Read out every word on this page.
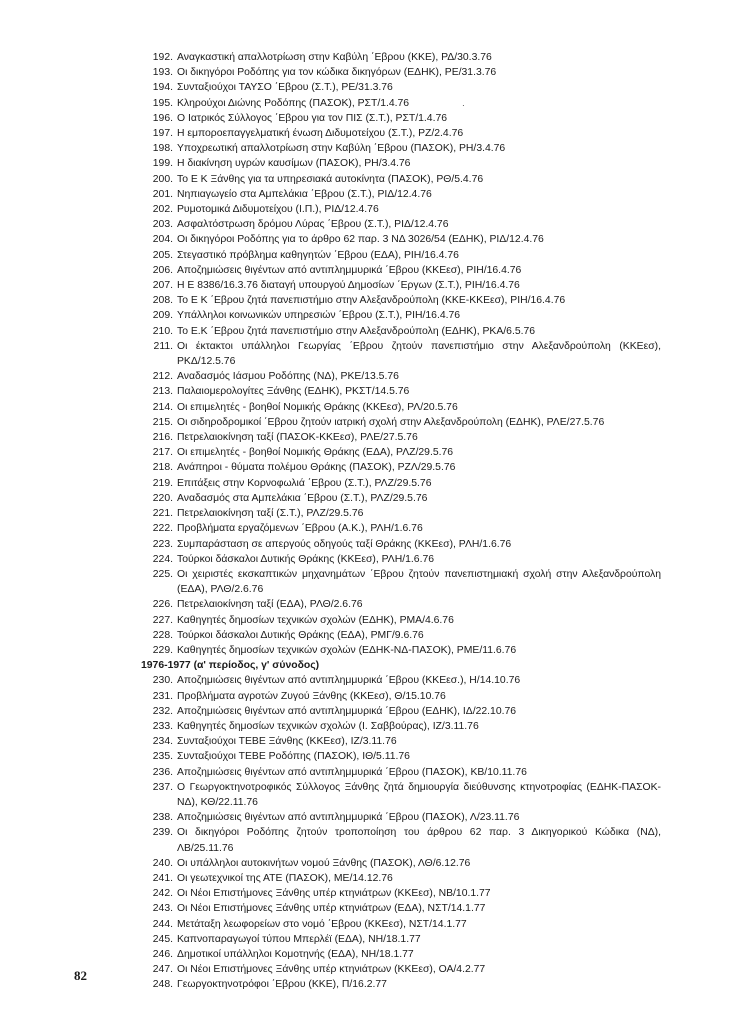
192. Αναγκαστική απαλλοτρίωση στην Καβύλη ΄Εβρου (ΚΚΕ), ΡΔ/30.3.76
193. Οι δικηγόροι Ροδόπης για τον κώδικα δικηγόρων (ΕΔΗΚ), ΡΕ/31.3.76
194. Συνταξιούχοι ΤΑΥΣΟ ΄Εβρου (Σ.Τ.), ΡΕ/31.3.76
195. Κληρούχοι Διώνης Ροδόπης (ΠΑΣΟΚ), ΡΣΤ/1.4.76
196. Ο Ιατρικός Σύλλογος ΄Εβρου για τον ΠΙΣ (Σ.Τ.), ΡΣΤ/1.4.76
197. Η εμποροεπαγγελματική ένωση Διδυμοτείχου (Σ.Τ.), ΡΖ/2.4.76
198. Υποχρεωτική απαλλοτρίωση στην Καβύλη ΄Εβρου (ΠΑΣΟΚ), ΡΗ/3.4.76
199. Η διακίνηση υγρών καυσίμων (ΠΑΣΟΚ), ΡΗ/3.4.76
200. Το Ε Κ Ξάνθης για τα υπηρεσιακά αυτοκίνητα (ΠΑΣΟΚ), ΡΘ/5.4.76
201. Νηπιαγωγείο στα Αμπελάκια ΄Εβρου (Σ.Τ.), ΡΙΔ/12.4.76
202. Ρυμοτομικά Διδυμοτείχου (Ι.Π.), ΡΙΔ/12.4.76
203. Ασφαλτόστρωση δρόμου Λύρας ΄Εβρου (Σ.Τ.), ΡΙΔ/12.4.76
204. Οι δικηγόροι Ροδόπης για το άρθρο 62 παρ. 3 ΝΔ 3026/54 (ΕΔΗΚ), ΡΙΔ/12.4.76
205. Στεγαστικό πρόβλημα καθηγητών ΄Εβρου (ΕΔΑ), ΡΙΗ/16.4.76
206. Αποζημιώσεις θιγέντων από αντιπλημμυρικά ΄Εβρου (ΚΚΕεσ), ΡΙΗ/16.4.76
207. Η Ε 8386/16.3.76 διαταγή υπουργού Δημοσίων ΄Εργων (Σ.Τ.), ΡΙΗ/16.4.76
208. Το Ε Κ ΄Εβρου ζητά πανεπιστήμιο στην Αλεξανδρούπολη (ΚΚΕ-ΚΚΕεσ), ΡΙΗ/16.4.76
209. Υπάλληλοι κοινωνικών υπηρεσιών ΄Εβρου (Σ.Τ.), ΡΙΗ/16.4.76
210. Το Ε.Κ ΄Εβρου ζητά πανεπιστήμιο στην Αλεξανδρούπολη (ΕΔΗΚ), ΡΚΑ/6.5.76
211. Οι έκτακτοι υπάλληλοι Γεωργίας ΄Εβρου ζητούν πανεπιστήμιο στην Αλεξανδρούπολη (ΚΚΕεσ), ΡΚΔ/12.5.76
212. Αναδασμός Ιάσμου Ροδόπης (ΝΔ), ΡΚΕ/13.5.76
213. Παλαιομερολογίτες Ξάνθης (ΕΔΗΚ), ΡΚΣΤ/14.5.76
214. Οι επιμελητές - βοηθοί Νομικής Θράκης (ΚΚΕεσ), ΡΛ/20.5.76
215. Οι σιδηροδρομικοί ΄Εβρου ζητούν ιατρική σχολή στην Αλεξανδρούπολη (ΕΔΗΚ), ΡΛΕ/27.5.76
216. Πετρελαιοκίνηση ταξί (ΠΑΣΟΚ-ΚΚΕεσ), ΡΛΕ/27.5.76
217. Οι επιμελητές - βοηθοί Νομικής Θράκης (ΕΔΑ), ΡΛΖ/29.5.76
218. Ανάπηροι - θύματα πολέμου Θράκης (ΠΑΣΟΚ), ΡΖΛ/29.5.76
219. Επιτάξεις στην Κορνοφωλιά ΄Εβρου (Σ.Τ.), ΡΛΖ/29.5.76
220. Αναδασμός στα Αμπελάκια ΄Εβρου (Σ.Τ.), ΡΛΖ/29.5.76
221. Πετρελαιοκίνηση ταξί (Σ.Τ.), ΡΛΖ/29.5.76
222. Προβλήματα εργαζόμενων ΄Εβρου (Α.Κ.), ΡΛΗ/1.6.76
223. Συμπαράσταση σε απεργούς οδηγούς ταξί Θράκης (ΚΚΕεσ), ΡΛΗ/1.6.76
224. Τούρκοι δάσκαλοι Δυτικής Θράκης (ΚΚΕεσ), ΡΛΗ/1.6.76
225. Οι χειριστές εκσκαπτικών μηχανημάτων ΄Εβρου ζητούν πανεπιστημιακή σχολή στην Αλεξανδρούπολη (ΕΔΑ), ΡΛΘ/2.6.76
226. Πετρελαιοκίνηση ταξί (ΕΔΑ), ΡΛΘ/2.6.76
227. Καθηγητές δημοσίων τεχνικών σχολών (ΕΔΗΚ), ΡΜΑ/4.6.76
228. Τούρκοι δάσκαλοι Δυτικής Θράκης (ΕΔΑ), ΡΜΓ/9.6.76
229. Καθηγητές δημοσίων τεχνικών σχολών (ΕΔΗΚ-ΝΔ-ΠΑΣΟΚ), ΡΜΕ/11.6.76
1976-1977 (α' περίοδος, γ' σύνοδος)
230. Αποζημιώσεις θιγέντων από αντιπλημμυρικά ΄Εβρου (ΚΚΕεσ.), Η/14.10.76
231. Προβλήματα αγροτών Ζυγού Ξάνθης (ΚΚΕεσ), Θ/15.10.76
232. Αποζημιώσεις θιγέντων από αντιπλημμυρικά ΄Εβρου (ΕΔΗΚ), ΙΔ/22.10.76
233. Καθηγητές δημοσίων τεχνικών σχολών (Ι. Σαββούρας), ΙΖ/3.11.76
234. Συνταξιούχοι ΤΕΒΕ Ξάνθης (ΚΚΕεσ), ΙΖ/3.11.76
235. Συνταξιούχοι ΤΕΒΕ Ροδόπης (ΠΑΣΟΚ), ΙΘ/5.11.76
236. Αποζημιώσεις θιγέντων από αντιπλημμυρικά ΄Εβρου (ΠΑΣΟΚ), ΚΒ/10.11.76
237. Ο Γεωργοκτηνοτροφικός Σύλλογος Ξάνθης ζητά δημιουργία διεύθυνσης κτηνοτροφίας (ΕΔΗΚ-ΠΑΣΟΚ-ΝΔ), ΚΘ/22.11.76
238. Αποζημιώσεις θιγέντων από αντιπλημμυρικά ΄Εβρου (ΠΑΣΟΚ), Λ/23.11.76
239. Οι δικηγόροι Ροδόπης ζητούν τροποποίηση του άρθρου 62 παρ. 3 Δικηγορικού Κώδικα (ΝΔ), ΛΒ/25.11.76
240. Οι υπάλληλοι αυτοκινήτων νομού Ξάνθης (ΠΑΣΟΚ), ΛΘ/6.12.76
241. Οι γεωτεχνικοί της ΑΤΕ (ΠΑΣΟΚ), ΜΕ/14.12.76
242. Οι Νέοι Επιστήμονες Ξάνθης υπέρ κτηνιάτρων (ΚΚΕεσ), ΝΒ/10.1.77
243. Οι Νέοι Επιστήμονες Ξάνθης υπέρ κτηνιάτρων (ΕΔΑ), ΝΣΤ/14.1.77
244. Μετάταξη λεωφορείων στο νομό ΄Εβρου (ΚΚΕεσ), ΝΣΤ/14.1.77
245. Καπνοπαραγωγοί τύπου Μπερλέϊ (ΕΔΑ), ΝΗ/18.1.77
246. Δημοτικοί υπάλληλοι Κομοτηνής (ΕΔΑ), ΝΗ/18.1.77
247. Οι Νέοι Επιστήμονες Ξάνθης υπέρ κτηνιάτρων (ΚΚΕεσ), ΟΑ/4.2.77
248. Γεωργοκτηνοτρόφοι ΄Εβρου (ΚΚΕ), Π/16.2.77
·
82
